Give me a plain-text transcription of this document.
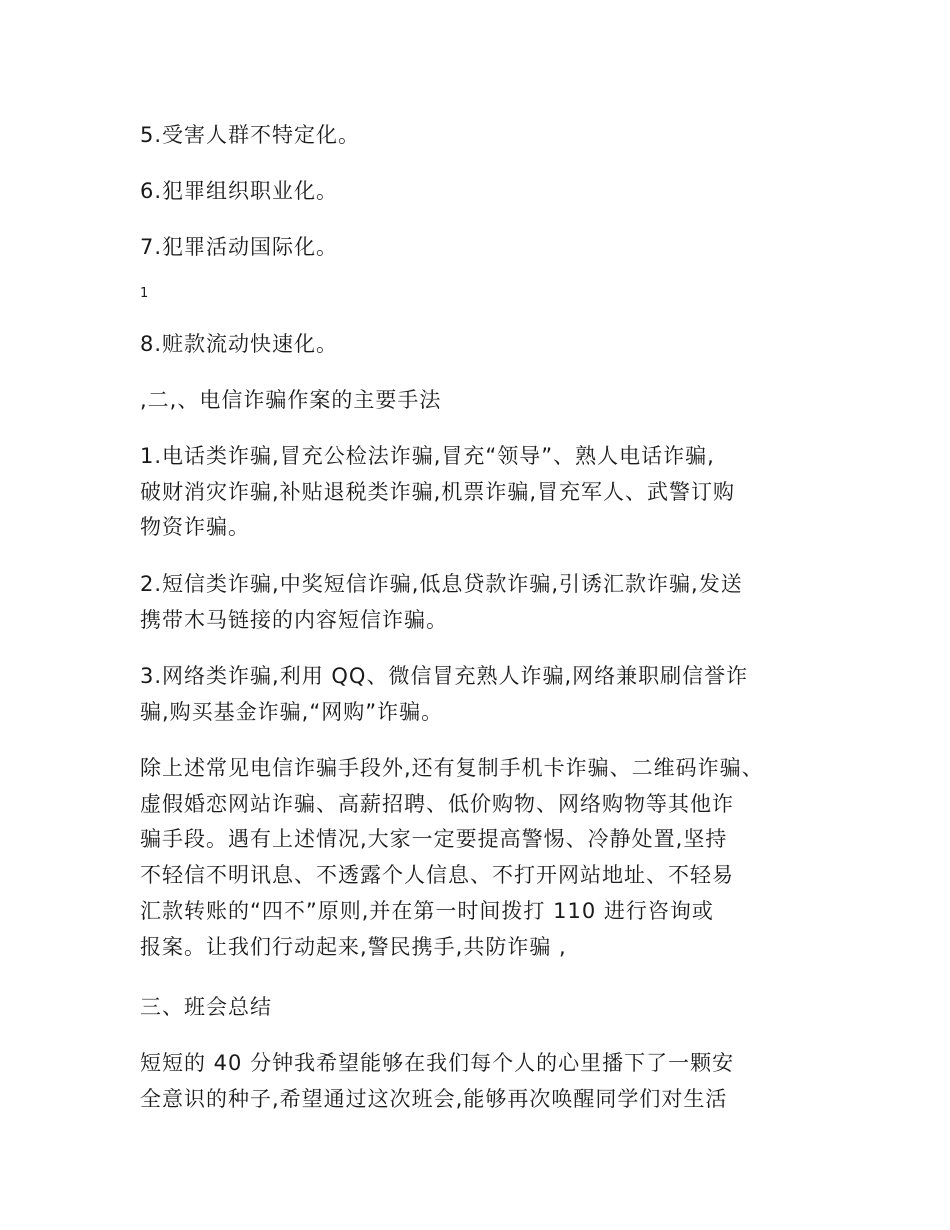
5.受害人群不特定化。
6.犯罪组织职业化。
7.犯罪活动国际化。
1
8.赃款流动快速化。
,二,、电信诈骗作案的主要手法
1.电话类诈骗,冒充公检法诈骗,冒充“领导”、熟人电话诈骗,
破财消灾诈骗,补贴退税类诈骗,机票诈骗,冒充军人、武警订购
物资诈骗。
2.短信类诈骗,中奖短信诈骗,低息贷款诈骗,引诱汇款诈骗,发送
携带木马链接的内容短信诈骗。
3.网络类诈骗,利用 QQ、微信冒充熟人诈骗,网络兼职刷信誉诈
骗,购买基金诈骗,“网购”诈骗。
除上述常见电信诈骗手段外,还有复制手机卡诈骗、二维码诈骗、
虚假婚恋网站诈骗、高薪招聘、低价购物、网络购物等其他诈
骗手段。遇有上述情况,大家一定要提高警惕、冷静处置,坚持
不轻信不明讯息、不透露个人信息、不打开网站地址、不轻易
汇款转账的“四不”原则,并在第一时间拨打 110 进行咨询或
报案。让我们行动起来,警民携手,共防诈骗 ,
三、班会总结
短短的 40 分钟我希望能够在我们每个人的心里播下了一颗安
全意识的种子,希望通过这次班会,能够再次唤醒同学们对生活
